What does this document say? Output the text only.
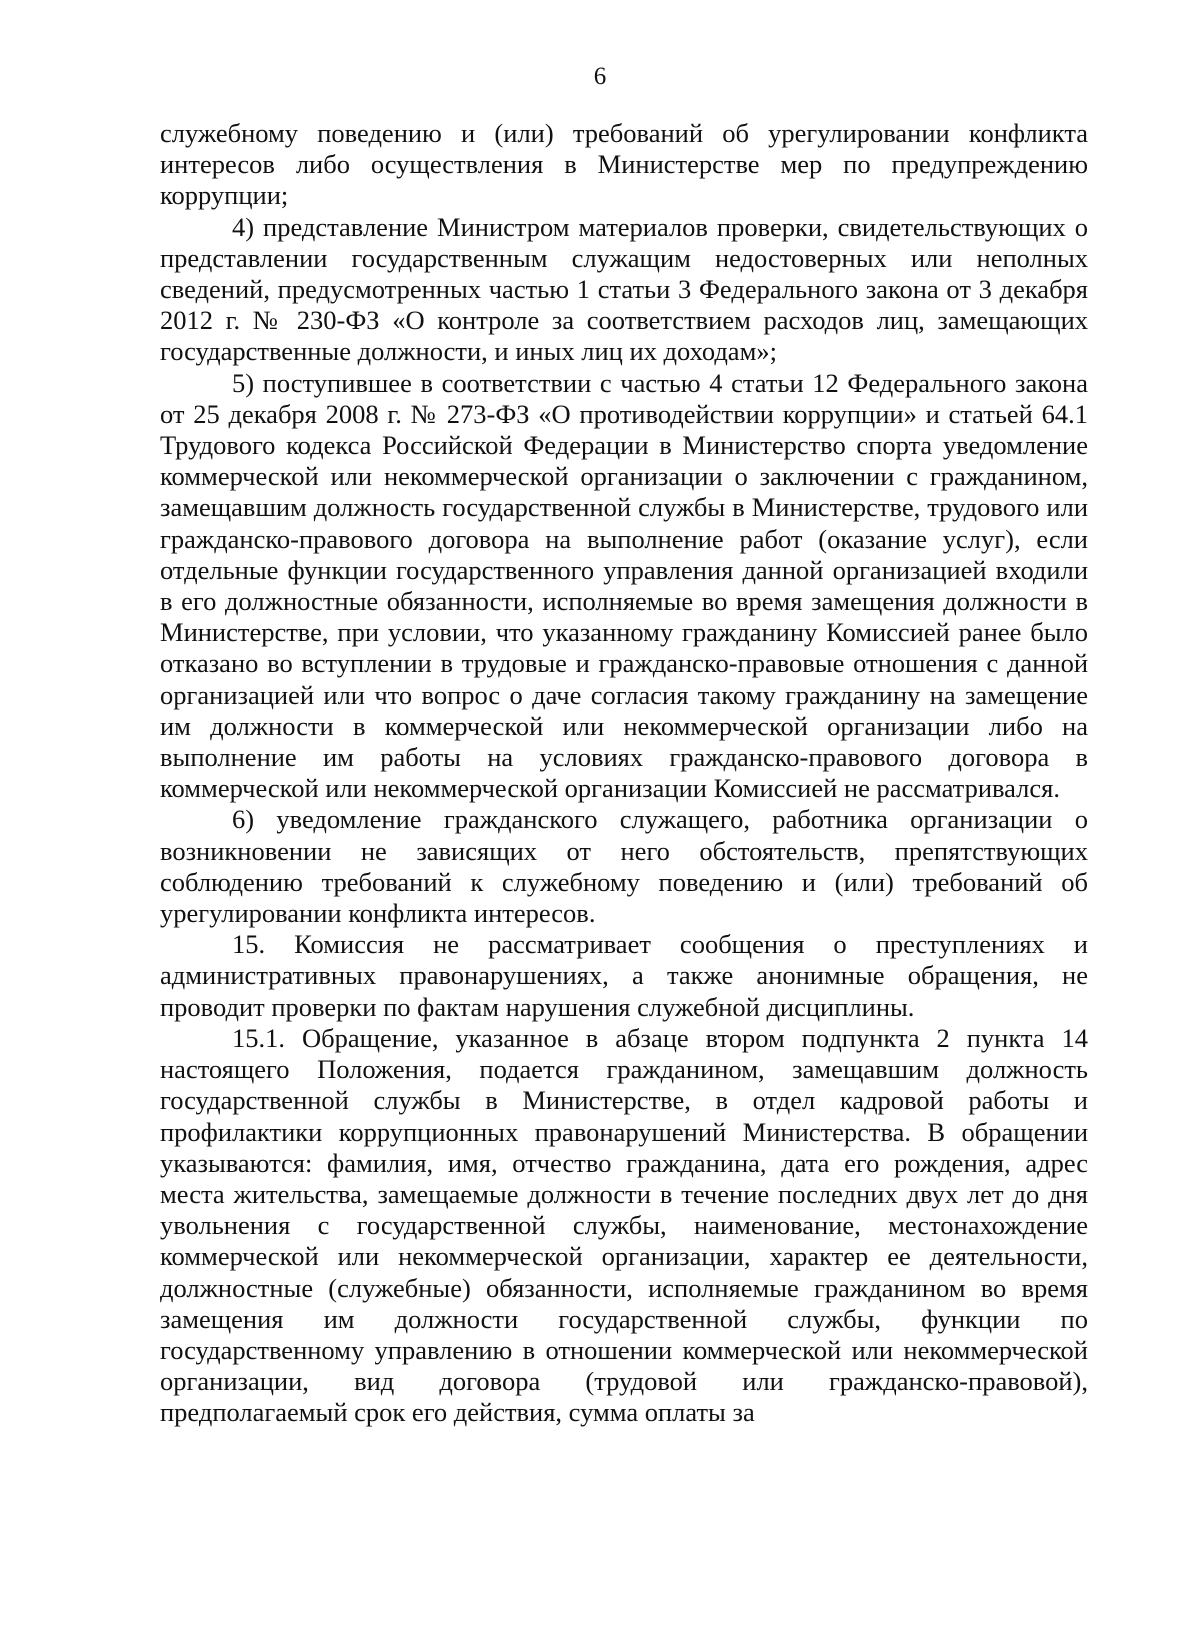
6

служебному поведению и (или) требований об урегулировании конфликта интересов либо осуществления в Министерстве мер по предупреждению коррупции;

4) представление Министром материалов проверки, свидетельствующих о представлении государственным служащим недостоверных или неполных сведений, предусмотренных частью 1 статьи 3 Федерального закона от 3 декабря 2012 г. № 230-ФЗ «О контроле за соответствием расходов лиц, замещающих государственные должности, и иных лиц их доходам»;

5) поступившее в соответствии с частью 4 статьи 12 Федерального закона от 25 декабря 2008 г. № 273-ФЗ «О противодействии коррупции» и статьей 64.1 Трудового кодекса Российской Федерации в Министерство спорта уведомление коммерческой или некоммерческой организации о заключении с гражданином, замещавшим должность государственной службы в Министерстве, трудового или гражданско-правового договора на выполнение работ (оказание услуг), если отдельные функции государственного управления данной организацией входили в его должностные обязанности, исполняемые во время замещения должности в Министерстве, при условии, что указанному гражданину Комиссией ранее было отказано во вступлении в трудовые и гражданско-правовые отношения с данной организацией или что вопрос о даче согласия такому гражданину на замещение им должности в коммерческой или некоммерческой организации либо на выполнение им работы на условиях гражданско-правового договора в коммерческой или некоммерческой организации Комиссией не рассматривался.

6) уведомление гражданского служащего, работника организации о возникновении не зависящих от него обстоятельств, препятствующих соблюдению требований к служебному поведению и (или) требований об урегулировании конфликта интересов.

15. Комиссия не рассматривает сообщения о преступлениях и административных правонарушениях, а также анонимные обращения, не проводит проверки по фактам нарушения служебной дисциплины.

15.1. Обращение, указанное в абзаце втором подпункта 2 пункта 14 настоящего Положения, подается гражданином, замещавшим должность государственной службы в Министерстве, в отдел кадровой работы и профилактики коррупционных правонарушений Министерства. В обращении указываются: фамилия, имя, отчество гражданина, дата его рождения, адрес места жительства, замещаемые должности в течение последних двух лет до дня увольнения с государственной службы, наименование, местонахождение коммерческой или некоммерческой организации, характер ее деятельности, должностные (служебные) обязанности, исполняемые гражданином во время замещения им должности государственной службы, функции по государственному управлению в отношении коммерческой или некоммерческой организации, вид договора (трудовой или гражданско-правовой), предполагаемый срок его действия, сумма оплаты за
